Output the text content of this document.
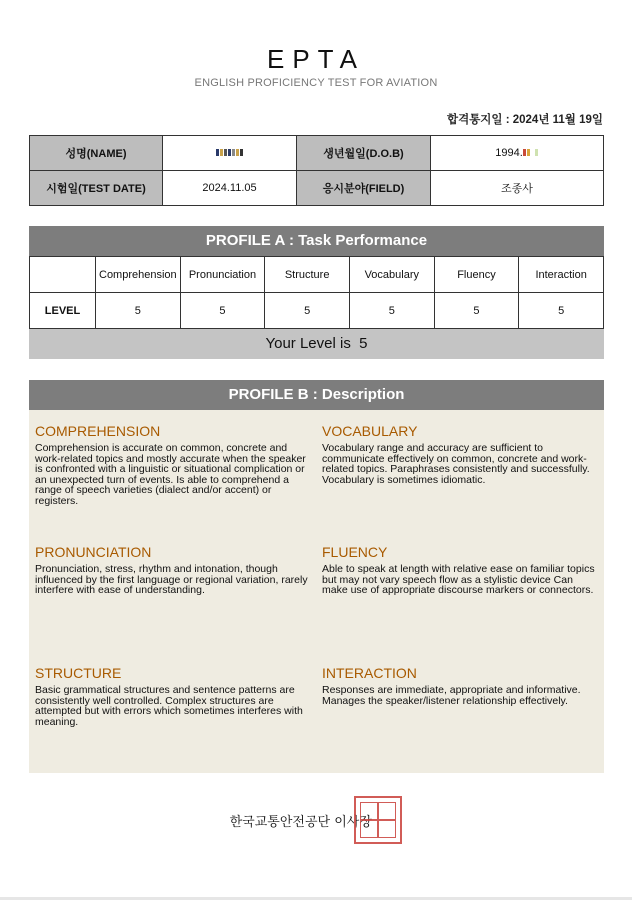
EPTA
ENGLISH PROFICIENCY TEST FOR AVIATION
합격통지일 : 2024년 11월 19일
성명(NAME)		생년월일(D.O.B)	1994.
시험일(TEST DATE)	2024.11.05	응시분야(FIELD)	조종사
PROFILE A : Task Performance
	Comprehension	Pronunciation	Structure	Vocabulary	Fluency	Interaction
LEVEL	5	5	5	5	5	5
Your Level is 5
PROFILE B : Description
COMPREHENSION

Comprehension is accurate on common, concrete and work-related topics and mostly accurate when the speaker is confronted with a linguistic or situational complication or an unexpected turn of events. Is able to comprehend a range of speech varieties (dialect and/or accent) or registers.

VOCABULARY

Vocabulary range and accuracy are sufficient to communicate effectively on common, concrete and work-related topics. Paraphrases consistently and successfully. Vocabulary is sometimes idiomatic.

PRONUNCIATION

Pronunciation, stress, rhythm and intonation, though influenced by the first language or regional variation, rarely interfere with ease of understanding.

FLUENCY

Able to speak at length with relative ease on familiar topics but may not vary speech flow as a stylistic device Can make use of appropriate discourse markers or connectors.

STRUCTURE

Basic grammatical structures and sentence patterns are consistently well controlled. Complex structures are attempted but with errors which sometimes interferes with meaning.

INTERACTION

Responses are immediate, appropriate and informative. Manages the speaker/listener relationship effectively.

한국교통안전공단 이사장
